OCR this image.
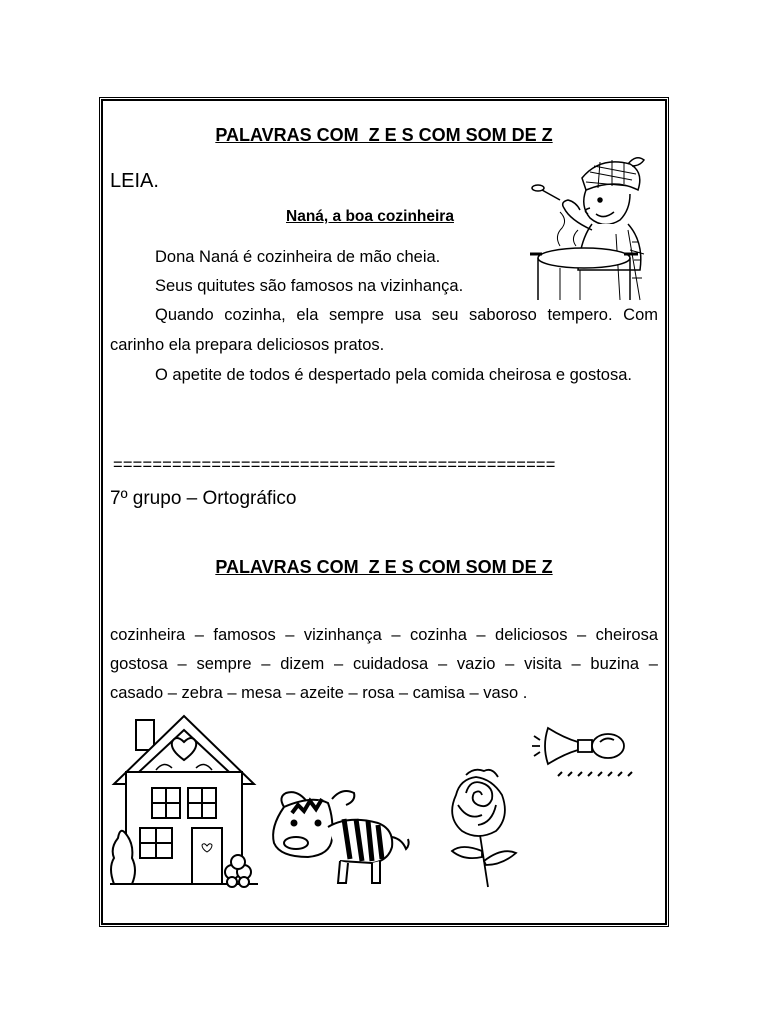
PALAVRAS COM  Z E S COM SOM DE Z
LEIA.
Naná, a boa cozinheira
Dona Naná é cozinheira de mão cheia.
Seus quitutes são famosos na vizinhança.
Quando cozinha, ela sempre usa seu saboroso tempero. Com carinho ela prepara deliciosos pratos.
O apetite de todos é despertado pela comida cheirosa e gostosa.
=============================================
7º grupo – Ortográfico
PALAVRAS COM  Z E S COM SOM DE Z
cozinheira – famosos – vizinhança – cozinha – deliciosos – cheirosa
gostosa – sempre – dizem – cuidadosa – vazio – visita – buzina –
casado – zebra – mesa – azeite – rosa – camisa – vaso .
